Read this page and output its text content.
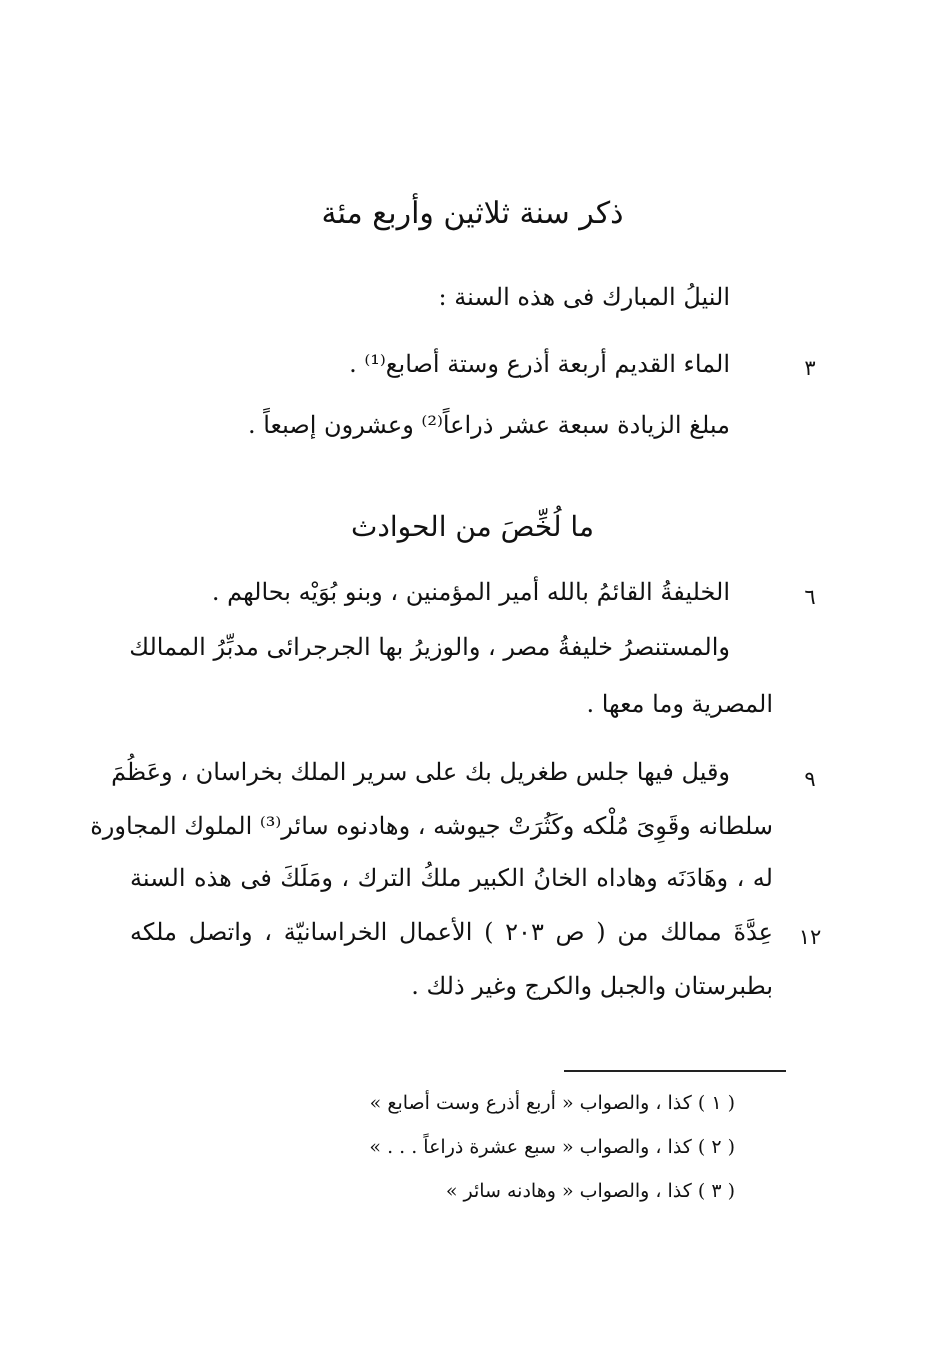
ذكر سنة ثلاثين وأربع مئة
النيلُ المبارك فى هذه السنة :
٣
الماء القديم أربعة أذرع وستة أصابع⁽¹⁾ .
مبلغ الزيادة سبعة عشر ذراعاً⁽²⁾ وعشرون إصبعاً .
ما لُخِّصَ من الحوادث
٦
الخليفةُ القائمُ بالله أمير المؤمنين ، وبنو بُوَيْه بحالهم .
والمستنصرُ خليفةُ مصر ، والوزيرُ بها الجرجرائى مدبِّرُ الممالك
المصرية وما معها .
٩
وقيل فيها جلس طغريل بك على سرير الملك بخراسان ، وعَظُمَ
سلطانه وقَوِىَ مُلْكه وكَثُرَتْ جيوشه ، وهادنوه سائر⁽³⁾ الملوك المجاورة
له ، وهَادَنَه وهاداه الخانُ الكبير ملكُ الترك ، ومَلَكَ فى هذه السنة
١٢
عِدَّةَ ممالك من ( ص ٢٠٣ ) الأعمال الخراسانيّة ، واتصل ملكه
بطبرستان والجبل والكرج وغير ذلك .
( ١ ) كذا ، والصواب « أربع أذرع وست أصابع »
( ٢ ) كذا ، والصواب « سبع عشرة ذراعاً . . . »
( ٣ ) كذا ، والصواب « وهادنه سائر »
